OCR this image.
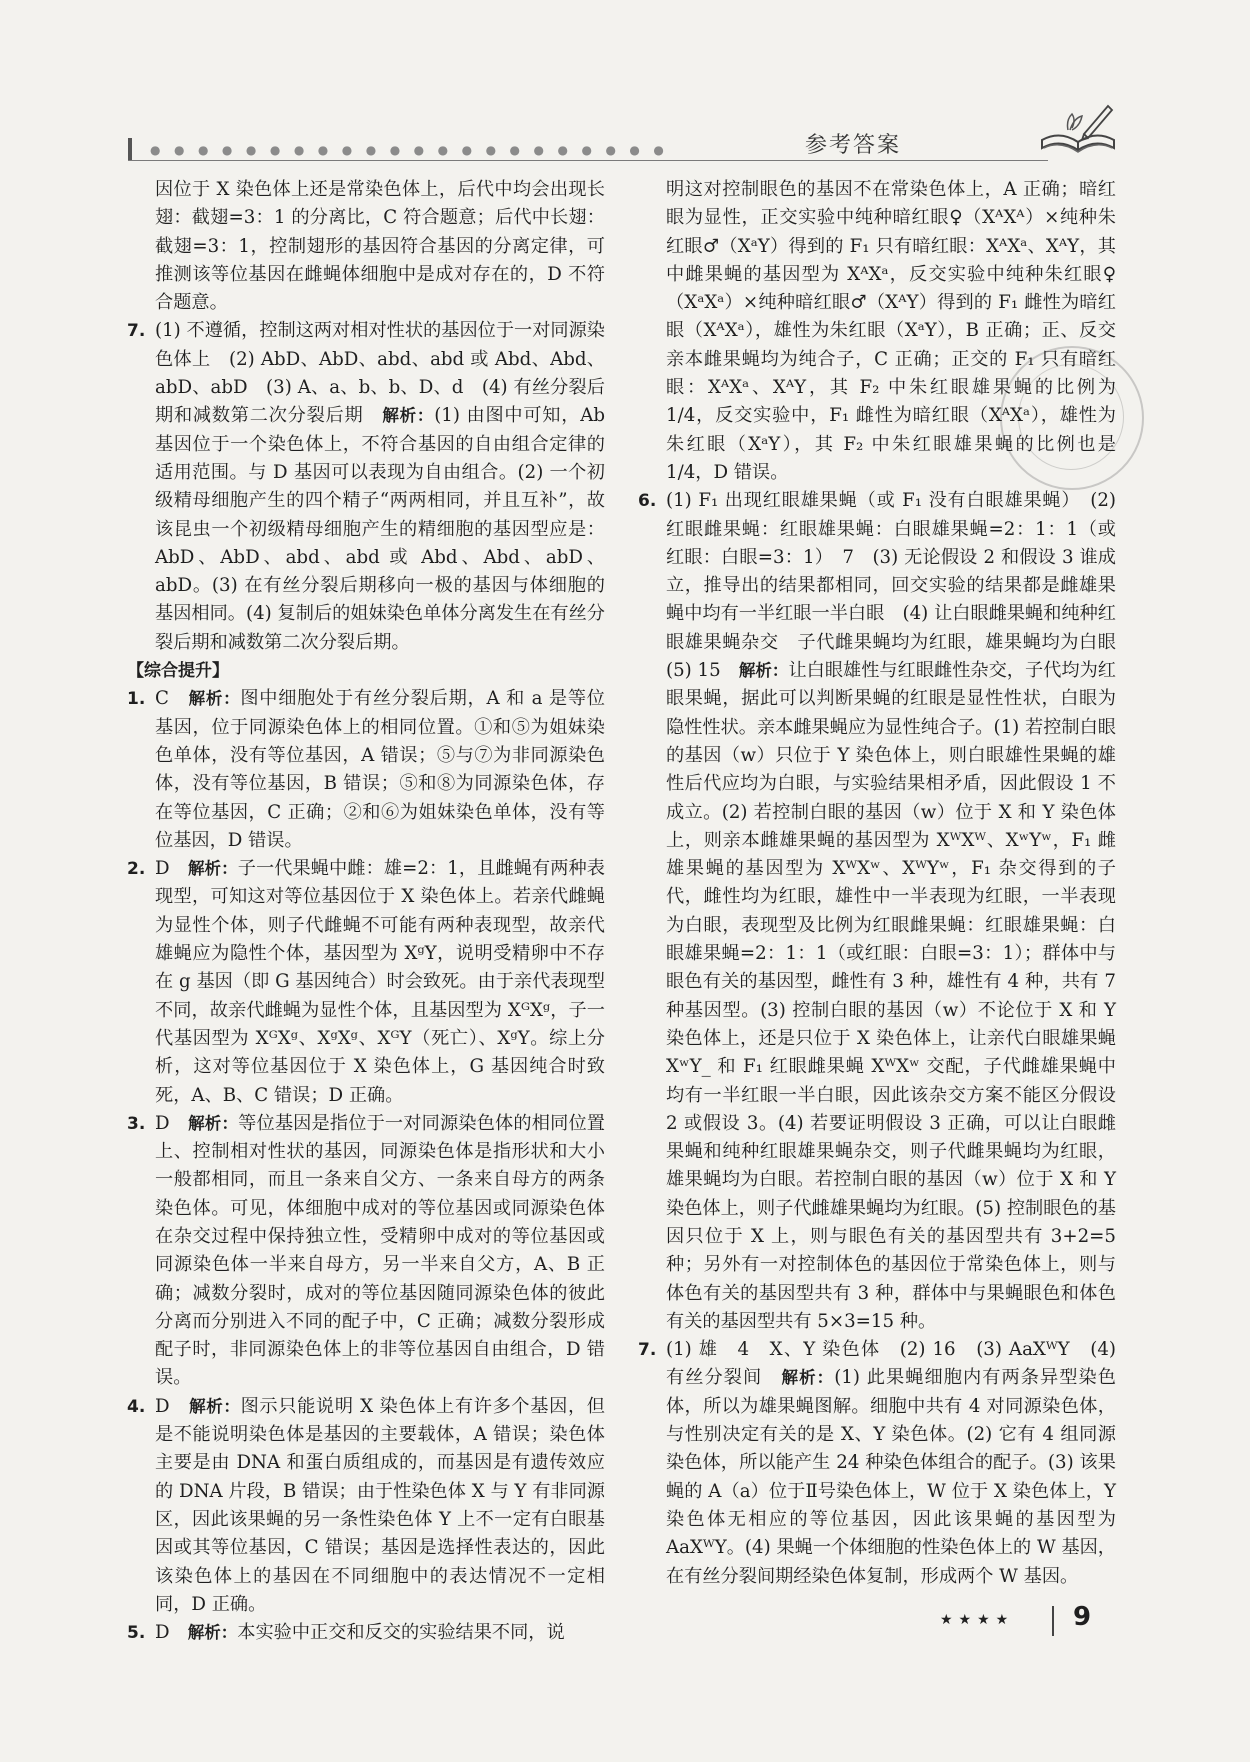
●●●●●●●●●●●●●●●●●●●●●●	参考答案

因位于 X 染色体上还是常染色体上，后代中均会出现长翅：截翅=3：1 的分离比，C 符合题意；后代中长翅：截翅=3：1，控制翅形的基因符合基因的分离定律，可推测该等位基因在雌蝇体细胞中是成对存在的，D 不符合题意。

7. (1) 不遵循，控制这两对相对性状的基因位于一对同源染色体上　(2) AbD、AbD、abd、abd 或 Abd、Abd、abD、abD　(3) A、a、b、b、D、d　(4) 有丝分裂后期和减数第二次分裂后期　解析：(1) 由图中可知，Ab 基因位于一个染色体上，不符合基因的自由组合定律的适用范围。与 D 基因可以表现为自由组合。(2) 一个初级精母细胞产生的四个精子“两两相同，并且互补”，故该昆虫一个初级精母细胞产生的精细胞的基因型应是：AbD、AbD、abd、abd 或 Abd、Abd、abD、abD。(3) 在有丝分裂后期移向一极的基因与体细胞的基因相同。(4) 复制后的姐妹染色单体分离发生在有丝分裂后期和减数第二次分裂后期。

【综合提升】

1. C　解析：图中细胞处于有丝分裂后期，A 和 a 是等位基因，位于同源染色体上的相同位置。①和⑤为姐妹染色单体，没有等位基因，A 错误；⑤与⑦为非同源染色体，没有等位基因，B 错误；⑤和⑧为同源染色体，存在等位基因，C 正确；②和⑥为姐妹染色单体，没有等位基因，D 错误。

2. D　解析：子一代果蝇中雌：雄=2：1，且雌蝇有两种表现型，可知这对等位基因位于 X 染色体上。若亲代雌蝇为显性个体，则子代雌蝇不可能有两种表现型，故亲代雄蝇应为隐性个体，基因型为 XᵍY，说明受精卵中不存在 g 基因（即 G 基因纯合）时会致死。由于亲代表现型不同，故亲代雌蝇为显性个体，且基因型为 XᴳXᵍ，子一代基因型为 XᴳXᵍ、XᵍXᵍ、XᴳY（死亡）、XᵍY。综上分析，这对等位基因位于 X 染色体上，G 基因纯合时致死，A、B、C 错误；D 正确。

3. D　解析：等位基因是指位于一对同源染色体的相同位置上、控制相对性状的基因，同源染色体是指形状和大小一般都相同，而且一条来自父方、一条来自母方的两条染色体。可见，体细胞中成对的等位基因或同源染色体在杂交过程中保持独立性，受精卵中成对的等位基因或同源染色体一半来自母方，另一半来自父方，A、B 正确；减数分裂时，成对的等位基因随同源染色体的彼此分离而分别进入不同的配子中，C 正确；减数分裂形成配子时，非同源染色体上的非等位基因自由组合，D 错误。

4. D　解析：图示只能说明 X 染色体上有许多个基因，但是不能说明染色体是基因的主要载体，A 错误；染色体主要是由 DNA 和蛋白质组成的，而基因是有遗传效应的 DNA 片段，B 错误；由于性染色体 X 与 Y 有非同源区，因此该果蝇的另一条性染色体 Y 上不一定有白眼基因或其等位基因，C 错误；基因是选择性表达的，因此该染色体上的基因在不同细胞中的表达情况不一定相同，D 正确。

5. D　解析：本实验中正交和反交的实验结果不同，说

明这对控制眼色的基因不在常染色体上，A 正确；暗红眼为显性，正交实验中纯种暗红眼♀（XᴬXᴬ）×纯种朱红眼♂（XᵃY）得到的 F₁ 只有暗红眼：XᴬXᵃ、XᴬY，其中雌果蝇的基因型为 XᴬXᵃ，反交实验中纯种朱红眼♀（XᵃXᵃ）×纯种暗红眼♂（XᴬY）得到的 F₁ 雌性为暗红眼（XᴬXᵃ），雄性为朱红眼（XᵃY），B 正确；正、反交亲本雌果蝇均为纯合子，C 正确；正交的 F₁ 只有暗红眼：XᴬXᵃ、XᴬY，其 F₂ 中朱红眼雄果蝇的比例为 1/4，反交实验中，F₁ 雌性为暗红眼（XᴬXᵃ），雄性为朱红眼（XᵃY），其 F₂ 中朱红眼雄果蝇的比例也是 1/4，D 错误。

6. (1) F₁ 出现红眼雄果蝇（或 F₁ 没有白眼雄果蝇）　(2) 红眼雌果蝇：红眼雄果蝇：白眼雄果蝇=2：1：1（或红眼：白眼=3：1）　7　(3) 无论假设 2 和假设 3 谁成立，推导出的结果都相同，回交实验的结果都是雌雄果蝇中均有一半红眼一半白眼　(4) 让白眼雌果蝇和纯种红眼雄果蝇杂交　子代雌果蝇均为红眼，雄果蝇均为白眼　(5) 15　解析：让白眼雄性与红眼雌性杂交，子代均为红眼果蝇，据此可以判断果蝇的红眼是显性性状，白眼为隐性性状。亲本雌果蝇应为显性纯合子。(1) 若控制白眼的基因（w）只位于 Y 染色体上，则白眼雄性果蝇的雄性后代应均为白眼，与实验结果相矛盾，因此假设 1 不成立。(2) 若控制白眼的基因（w）位于 X 和 Y 染色体上，则亲本雌雄果蝇的基因型为 XᵂXᵂ、XʷYʷ，F₁ 雌雄果蝇的基因型为 XᵂXʷ、XᵂYʷ，F₁ 杂交得到的子代，雌性均为红眼，雄性中一半表现为红眼，一半表现为白眼，表现型及比例为红眼雌果蝇：红眼雄果蝇：白眼雄果蝇=2：1：1（或红眼：白眼=3：1）；群体中与眼色有关的基因型，雌性有 3 种，雄性有 4 种，共有 7 种基因型。(3) 控制白眼的基因（w）不论位于 X 和 Y 染色体上，还是只位于 X 染色体上，让亲代白眼雄果蝇 XʷY_ 和 F₁ 红眼雌果蝇 XᵂXʷ 交配，子代雌雄果蝇中均有一半红眼一半白眼，因此该杂交方案不能区分假设 2 或假设 3。(4) 若要证明假设 3 正确，可以让白眼雌果蝇和纯种红眼雄果蝇杂交，则子代雌果蝇均为红眼，雄果蝇均为白眼。若控制白眼的基因（w）位于 X 和 Y 染色体上，则子代雌雄果蝇均为红眼。(5) 控制眼色的基因只位于 X 上，则与眼色有关的基因型共有 3+2=5 种；另外有一对控制体色的基因位于常染色体上，则与体色有关的基因型共有 3 种，群体中与果蝇眼色和体色有关的基因型共有 5×3=15 种。

7. (1) 雄　4　X、Y 染色体　(2) 16　(3) AaXᵂY　(4) 有丝分裂间　解析：(1) 此果蝇细胞内有两条异型染色体，所以为雄果蝇图解。细胞中共有 4 对同源染色体，与性别决定有关的是 X、Y 染色体。(2) 它有 4 组同源染色体，所以能产生 24 种染色体组合的配子。(3) 该果蝇的 A（a）位于Ⅱ号染色体上，W 位于 X 染色体上，Y 染色体无相应的等位基因，因此该果蝇的基因型为 AaXᵂY。(4) 果蝇一个体细胞的性染色体上的 W 基因，在有丝分裂间期经染色体复制，形成两个 W 基因。

★★★★ 9
